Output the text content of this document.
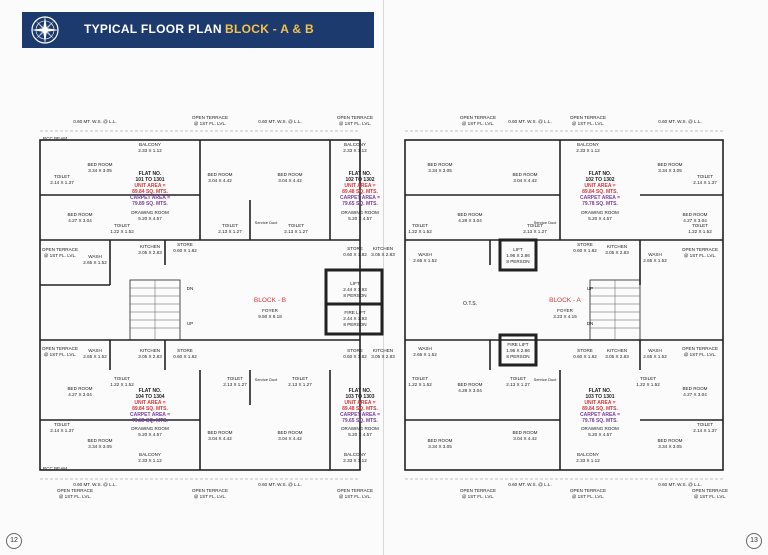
TYPICAL FLOOR PLAN BLOCK - A & B
12	13
OPEN TERRACE
@ 1ST FL. LVL.
OPEN TERRACE
@ 1ST FL. LVL.
OPEN TERRACE
@ 1ST FL. LVL.
OPEN TERRACE
@ 1ST FL. LVL.
0.60 MT. W.S. @ L.L.	0.60 MT. W.S. @ L.L.	0.60 MT. W.S. @ L.L.	0.60 MT. W.S. @ L.L.
RCC BEAM
BALCONY
2.33 X 1.12
BALCONY
2.33 X 1.12
BALCONY
2.33 X 1.12
BED ROOM
3.34 X 3.05
BED ROOM
3.04 X 4.42
BED ROOM
3.04 X 4.42
BED ROOM
3.34 X 3.05
BED ROOM
3.04 X 4.42
BED ROOM
3.34 X 3.05
TOILET
2.14 X 1.37
TOILET
2.14 X 1.37
BED ROOM
4.27 X 3.04
BED ROOM
4.28 X 3.04
BED ROOM
4.27 X 3.04
TOILET
1.22 X 1.52
TOILET
2.13 X 1.27
TOILET
2.13 X 1.27
TOILET
1.22 X 1.52
TOILET
2.13 X 1.27
TOILET
1.22 X 1.52
Service Duct	Service Duct
WASH
2.65 X 1.52
KITCHEN
3.05 X 2.83
STORE
0.60 X 1.82	STORE
0.60 X 1.82
KITCHEN
3.05 X 2.83	WASH
2.65 X 1.52
STORE
0.60 X 1.82
KITCHEN
3.05 X 2.83	WASH
2.65 X 1.52
OPEN TERRACE
@ 1ST FL. LVL.
OPEN TERRACE
@ 1ST FL. LVL.
LIFT
2.44 X 1.93
8 PERSON
FIRE LIFT
2.44 X 1.93
8 PERSON
LIFT
1.96 X 2.86
8 PERSON
FIRE LIFT
1.96 X 2.86
8 PERSON
FOYER
9.50 X 8.18
FOYER
3.23 X 4.15
O.T.S.
DN
UP
UP
DN
OPEN TERRACE
@ 1ST FL. LVL.
OPEN TERRACE
@ 1ST FL. LVL.
WASH
2.65 X 1.52
KITCHEN
3.05 X 2.83
STORE
0.60 X 1.82
STORE
0.60 X 1.82
KITCHEN
3.05 X 2.83
WASH
2.65 X 1.52
STORE
0.60 X 1.82
KITCHEN
3.05 X 2.83
WASH
2.65 X 1.52
TOILET
1.22 X 1.52
TOILET
2.13 X 1.27
TOILET
2.13 X 1.27
TOILET
1.22 X 1.52
TOILET
2.13 X 1.27
TOILET
1.22 X 1.52
Service Duct	Service Duct
BED ROOM
4.27 X 3.04
BED ROOM
4.28 X 3.04	BED ROOM
4.27 X 3.04
TOILET
2.14 X 1.37
TOILET
2.14 X 1.37
BED ROOM
3.04 X 4.42
BED ROOM
3.04 X 4.42
BED ROOM
3.04 X 4.42
BED ROOM
3.34 X 3.05
BED ROOM
3.34 X 3.05
BED ROOM
3.34 X 3.05
BALCONY
2.33 X 1.12
BALCONY
2.33 X 1.12
BALCONY
2.33 X 1.12
RCC BEAM
0.60 MT. W.S. @ L.L.	0.60 MT. W.S. @ L.L.	0.60 MT. W.S. @ L.L.	0.60 MT. W.S. @ L.L.
OPEN TERRACE
@ 1ST FL. LVL.
OPEN TERRACE
@ 1ST FL. LVL.
OPEN TERRACE
@ 1ST FL. LVL.
OPEN TERRACE
@ 1ST FL. LVL.
OPEN TERRACE
@ 1ST FL. LVL.
OPEN TERRACE
@ 1ST FL. LVL.
BLOCK - B	BLOCK - A
FLAT NO.
101 TO 1301
UNIT AREA =
89.84 SQ. MTS.
CARPET AREA =
79.89 SQ. MTS.
FLAT NO.
102 TO 1302
UNIT AREA =
89.48 SQ. MTS.
CARPET AREA =
79.65 SQ. MTS.
FLAT NO.
104 TO 1304
UNIT AREA =
89.84 SQ. MTS.
CARPET AREA =
79.89 SQ. MTS.
FLAT NO.
103 TO 1303
UNIT AREA =
89.48 SQ. MTS.
CARPET AREA =
79.65 SQ. MTS.
FLAT NO.
102 TO 1302
UNIT AREA =
89.84 SQ. MTS.
CARPET AREA =
79.78 SQ. MTS.
FLAT NO.
103 TO 1301
UNIT AREA =
89.84 SQ. MTS.
CARPET AREA =
79.78 SQ. MTS.
DRAWING ROOM
5.20 X 4.57
DRAWING ROOM
5.20 X 4.57
DRAWING ROOM
5.20 X 4.57
DRAWING ROOM
5.20 X 4.57
DRAWING ROOM
5.20 X 4.57
DRAWING ROOM
5.20 X 4.57
